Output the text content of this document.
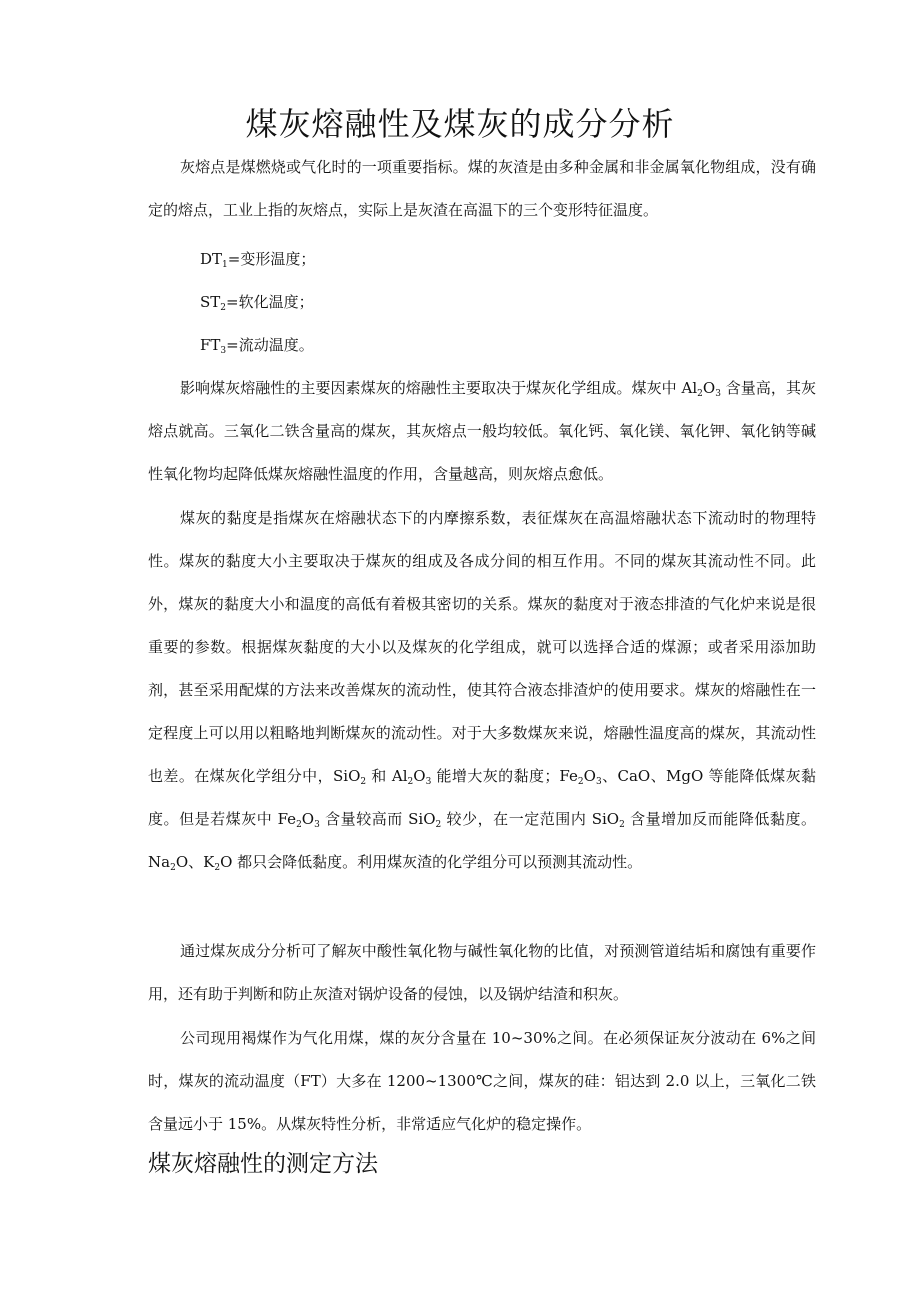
煤灰熔融性及煤灰的成分分析

灰熔点是煤燃烧或气化时的一项重要指标。煤的灰渣是由多种金属和非金属氧化物组成，没有确定的熔点，工业上指的灰熔点，实际上是灰渣在高温下的三个变形特征温度。

$DT_1=$变形温度；

$ST_2=$软化温度；

$FT_3=$流动温度。

影响煤灰熔融性的主要因素煤灰的熔融性主要取决于煤灰化学组成。煤灰中 $Al_2O_3$ 含量高，其灰熔点就高。三氧化二铁含量高的煤灰，其灰熔点一般均较低。氧化钙、氧化镁、氧化钾、氧化钠等碱性氧化物均起降低煤灰熔融性温度的作用，含量越高，则灰熔点愈低。

煤灰的黏度是指煤灰在熔融状态下的内摩擦系数，表征煤灰在高温熔融状态下流动时的物理特性。煤灰的黏度大小主要取决于煤灰的组成及各成分间的相互作用。不同的煤灰其流动性不同。此外，煤灰的黏度大小和温度的高低有着极其密切的关系。煤灰的黏度对于液态排渣的气化炉来说是很重要的参数。根据煤灰黏度的大小以及煤灰的化学组成，就可以选择合适的煤源；或者采用添加助剂，甚至采用配煤的方法来改善煤灰的流动性，使其符合液态排渣炉的使用要求。煤灰的熔融性在一定程度上可以用以粗略地判断煤灰的流动性。对于大多数煤灰来说，熔融性温度高的煤灰，其流动性也差。在煤灰化学组分中，SiO$_2$ 和 $Al_2O_3$ 能增大灰的黏度；$Fe_2O_3$、CaO、MgO 等能降低煤灰黏度。但是若煤灰中 $Fe_2O_3$ 含量较高而 SiO$_2$ 较少，在一定范围内 SiO$_2$ 含量增加反而能降低黏度。$Na_2O$、$K_2O$ 都只会降低黏度。利用煤灰渣的化学组分可以预测其流动性。

通过煤灰成分分析可了解灰中酸性氧化物与碱性氧化物的比值，对预测管道结垢和腐蚀有重要作用，还有助于判断和防止灰渣对锅炉设备的侵蚀，以及锅炉结渣和积灰。

公司现用褐煤作为气化用煤，煤的灰分含量在 10~30%之间。在必须保证灰分波动在 6%之间时，煤灰的流动温度（FT）大多在 1200~1300℃之间，煤灰的硅：铝达到 2.0 以上，三氧化二铁含量远小于 15%。从煤灰特性分析，非常适应气化炉的稳定操作。

煤灰熔融性的测定方法
